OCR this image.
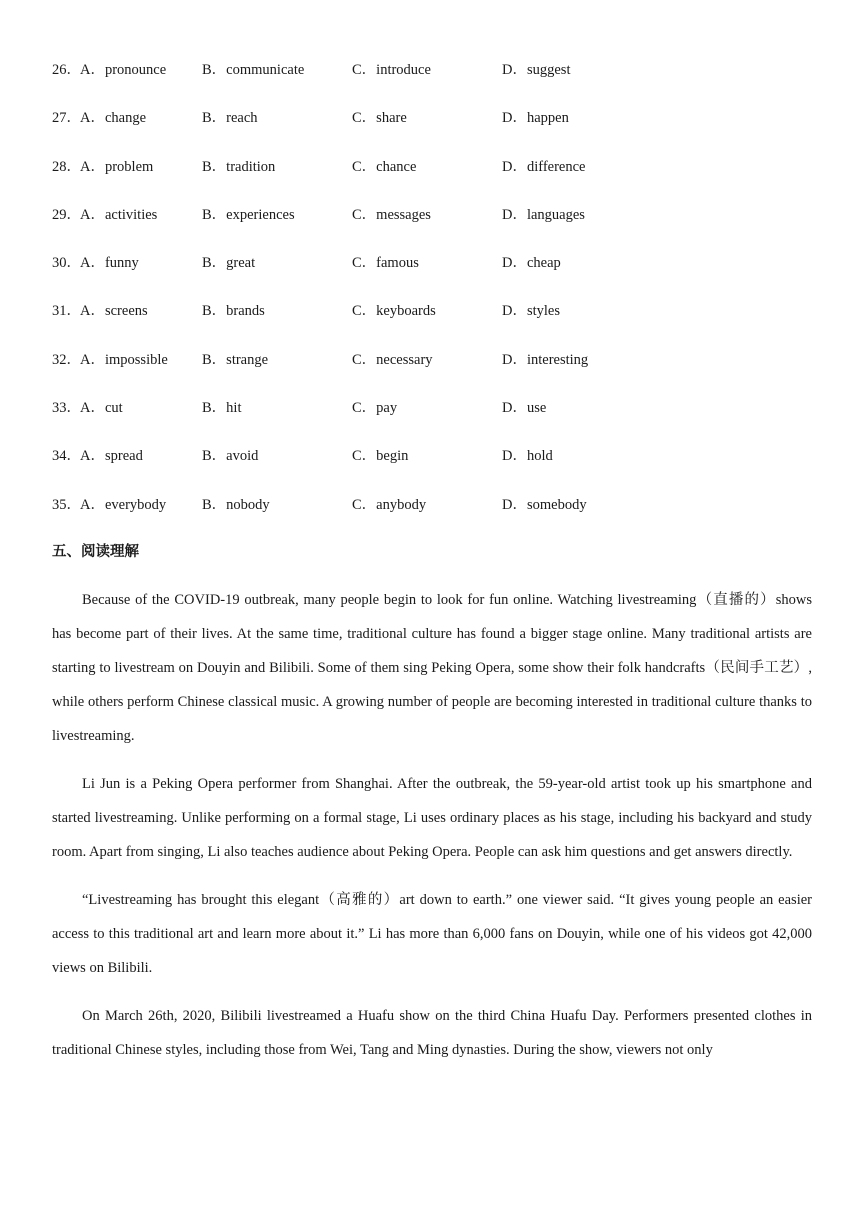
26． A．pronounce B．communicate	C．introduce	D．suggest
27． A．change	B．reach	C．share	D．happen
28． A．problem	B．tradition	C．chance	D．difference
29． A．activities	B．experiences	C．messages	D．languages
30． A．funny	B．great	C．famous	D．cheap
31． A．screens	B．brands	C．keyboards	D．styles
32． A．impossible B．strange	C．necessary	D．interesting
33． A．cut	B．hit	C．pay	D．use
34． A．spread	B．avoid	C．begin	D．hold
35． A．everybody B．nobody	C．anybody	D．somebody
五、阅读理解

Because of the COVID-19 outbreak, many people begin to look for fun online. Watching livestreaming（直播的）shows has become part of their lives. At the same time, traditional culture has found a bigger stage online. Many traditional artists are starting to livestream on Douyin and Bilibili. Some of them sing Peking Opera, some show their folk handcrafts（民间手工艺）, while others perform Chinese classical music. A growing number of people are becoming interested in traditional culture thanks to livestreaming.

Li Jun is a Peking Opera performer from Shanghai. After the outbreak, the 59-year-old artist took up his smartphone and started livestreaming. Unlike performing on a formal stage, Li uses ordinary places as his stage, including his backyard and study room. Apart from singing, Li also teaches audience about Peking Opera. People can ask him questions and get answers directly.

“Livestreaming has brought this elegant（高雅的）art down to earth.” one viewer said. “It gives young people an easier access to this traditional art and learn more about it.” Li has more than 6,000 fans on Douyin, while one of his videos got 42,000 views on Bilibili.

On March 26th, 2020, Bilibili livestreamed a Huafu show on the third China Huafu Day. Performers presented clothes in traditional Chinese styles, including those from Wei, Tang and Ming dynasties. During the show, viewers not only
